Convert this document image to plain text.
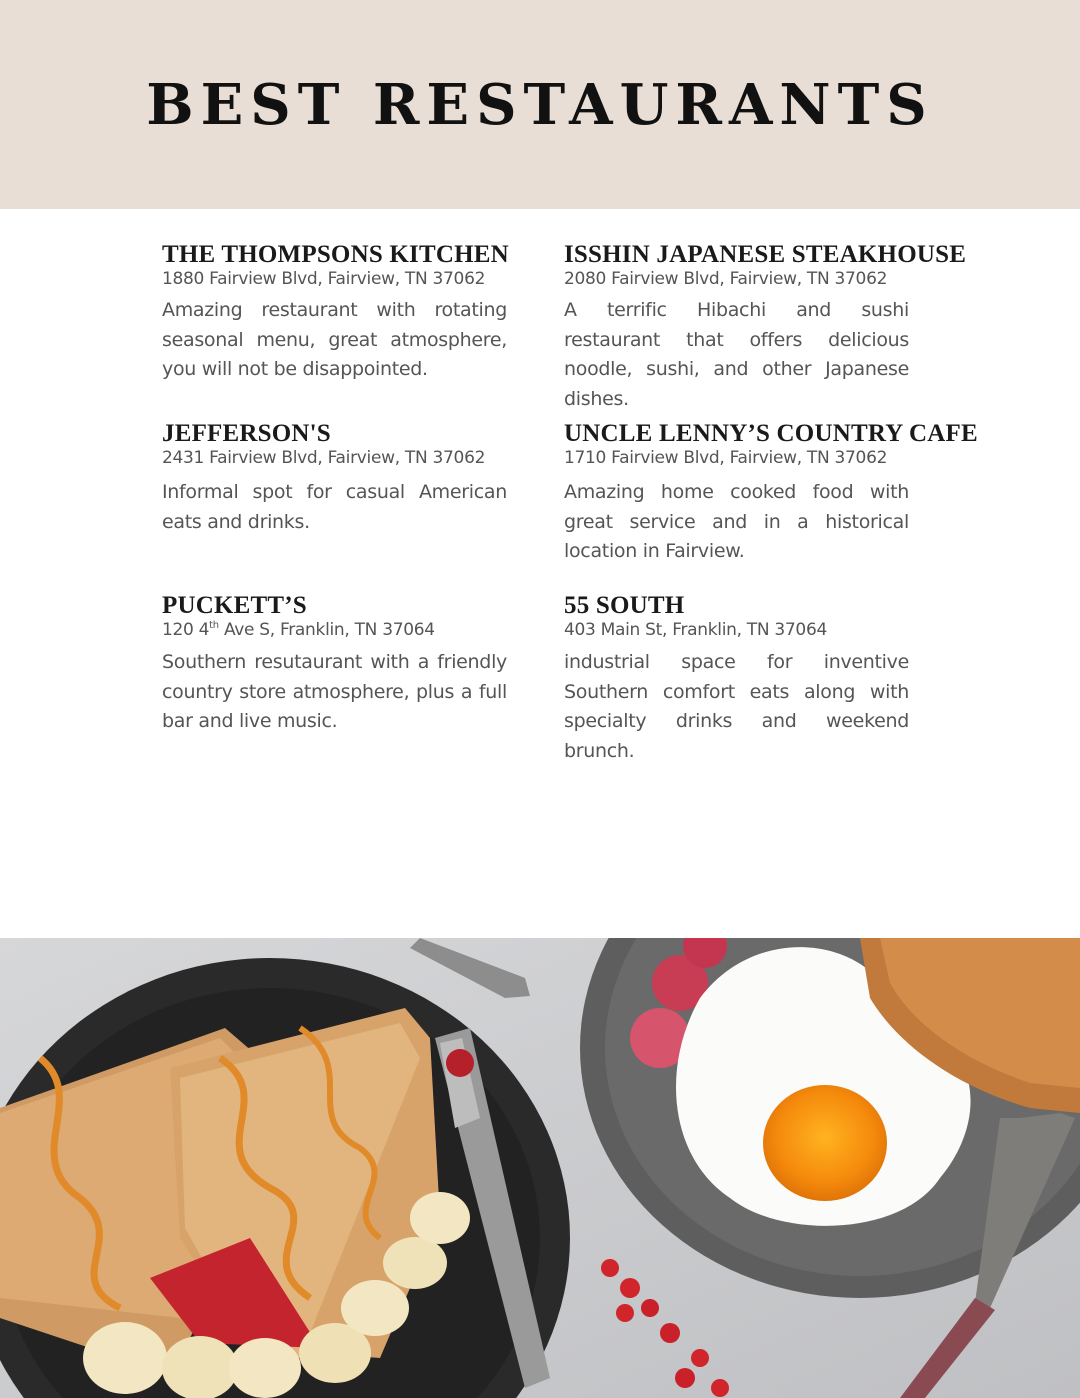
BEST RESTAURANTS

THE THOMPSONS KITCHEN

1880 Fairview Blvd, Fairview, TN 37062

Amazing restaurant with rotating seasonal menu, great atmosphere, you will not be disappointed.

ISSHIN JAPANESE STEAKHOUSE

2080 Fairview Blvd, Fairview, TN 37062

A terrific Hibachi and sushi restaurant that offers delicious noodle, sushi, and other Japanese dishes.

JEFFERSON'S

2431 Fairview Blvd, Fairview, TN 37062

Informal spot for casual American eats and drinks.

UNCLE LENNY’S COUNTRY CAFE

1710 Fairview Blvd, Fairview, TN 37062

Amazing home cooked food with great service and in a historical location in Fairview.

PUCKETT’S

120 4th Ave S, Franklin, TN 37064

Southern resutaurant with a friendly country store atmosphere, plus a full bar and live music.

55 SOUTH

403 Main St, Franklin, TN 37064

industrial space for inventive Southern comfort eats along with specialty drinks and weekend brunch.
